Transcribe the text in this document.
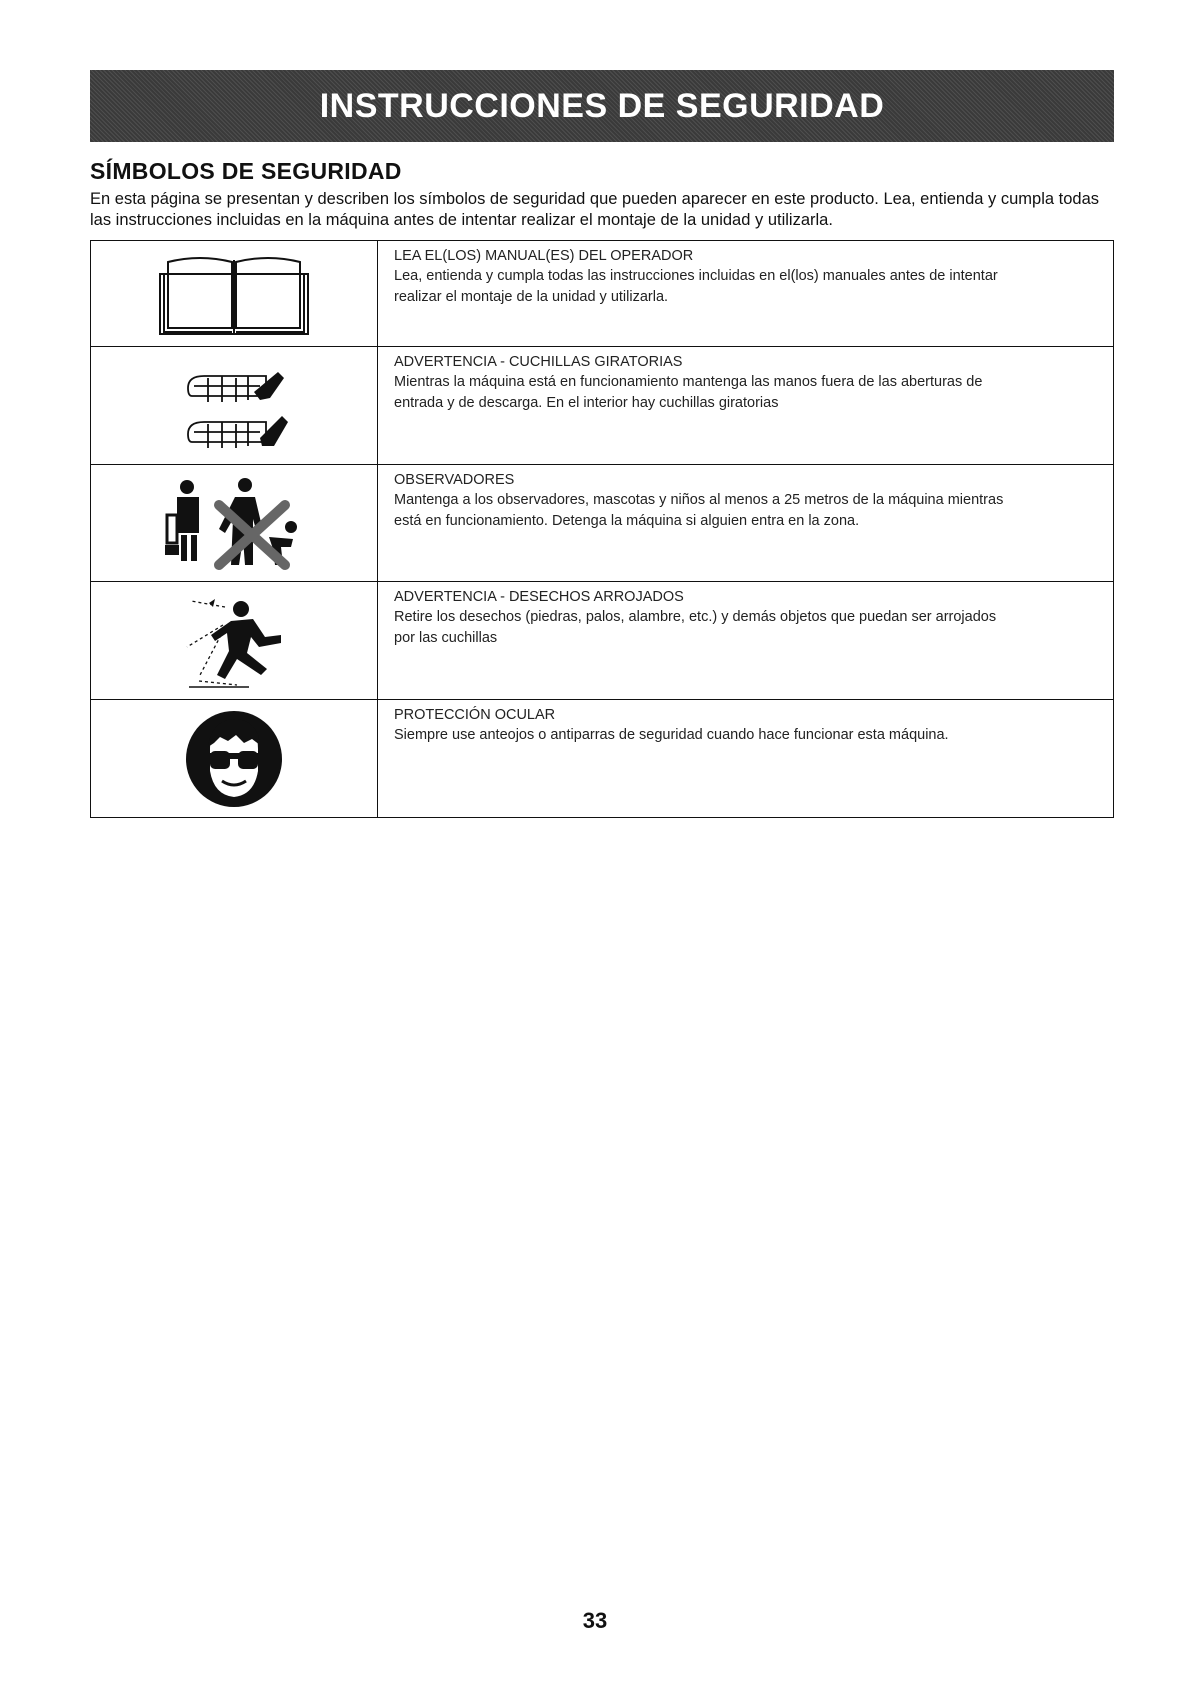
INSTRUCCIONES DE SEGURIDAD
SÍMBOLOS DE SEGURIDAD
En esta página se presentan y describen los símbolos de seguridad que pueden aparecer en este producto. Lea, entienda y cumpla todas
las instrucciones incluidas en la máquina antes de intentar realizar el montaje de la unidad y utilizarla.

LEA EL(LOS) MANUAL(ES) DEL OPERADOR
Lea, entienda y cumpla todas las instrucciones incluidas en el(los) manuales antes de intentar
realizar el montaje de la unidad y utilizarla.

ADVERTENCIA - CUCHILLAS GIRATORIAS
Mientras la máquina está en funcionamiento mantenga las manos fuera de las aberturas de
entrada y de descarga. En el interior hay cuchillas giratorias

OBSERVADORES
Mantenga a los observadores, mascotas y niños al menos a 25 metros de la máquina mientras
está en funcionamiento. Detenga la máquina si alguien entra en la zona.

ADVERTENCIA - DESECHOS ARROJADOS
Retire los desechos (piedras, palos, alambre, etc.) y demás objetos que puedan ser arrojados
por las cuchillas

PROTECCIÓN OCULAR
Siempre use anteojos o antiparras de seguridad cuando hace funcionar esta máquina.
33
